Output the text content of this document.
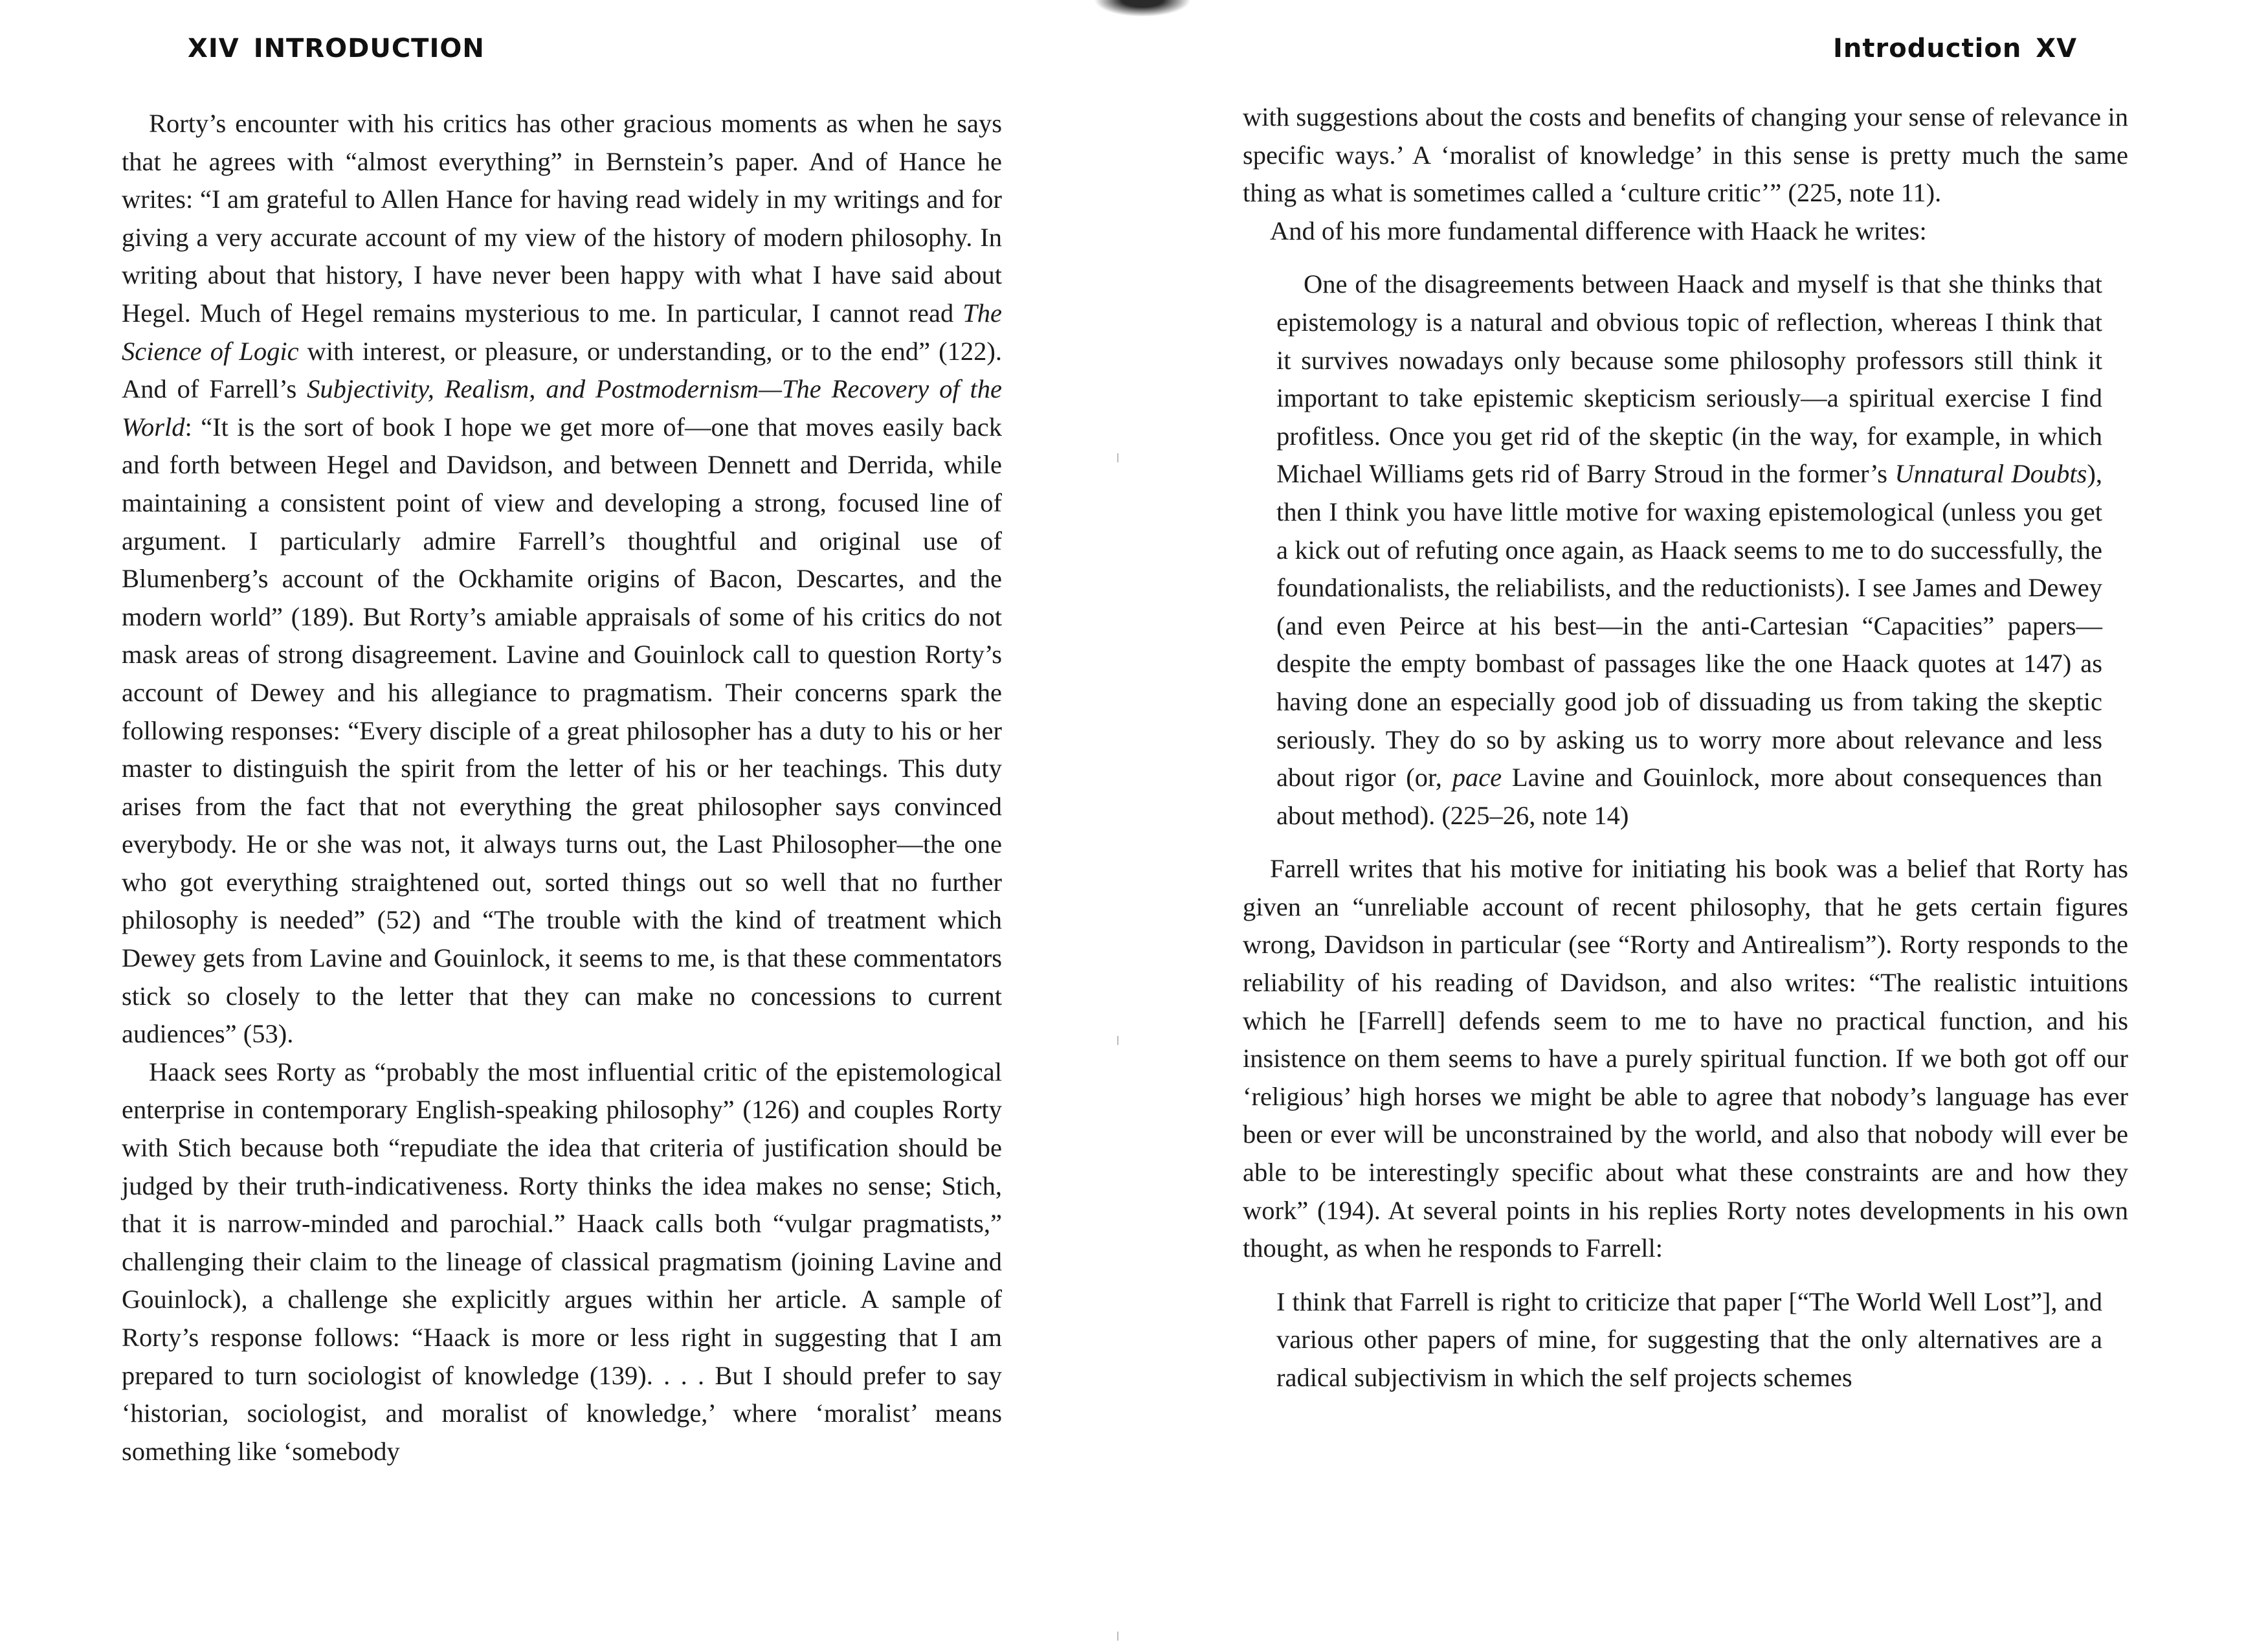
XIV INTRODUCTION

Rorty’s encounter with his critics has other gracious moments as when he says that he agrees with “almost everything” in Bernstein’s paper. And of Hance he writes: “I am grateful to Allen Hance for having read widely in my writings and for giving a very accurate account of my view of the history of modern philosophy. In writing about that history, I have never been happy with what I have said about Hegel. Much of Hegel remains mysterious to me. In particular, I cannot read The Science of Logic with interest, or pleasure, or understanding, or to the end” (122). And of Farrell’s Subjectivity, Realism, and Postmodernism—The Recovery of the World: “It is the sort of book I hope we get more of—one that moves easily back and forth between Hegel and Davidson, and between Dennett and Derrida, while maintaining a consistent point of view and developing a strong, focused line of argument. I particularly admire Farrell’s thoughtful and original use of Blumenberg’s account of the Ockhamite origins of Bacon, Descartes, and the modern world” (189). But Rorty’s amiable appraisals of some of his critics do not mask areas of strong disagreement. Lavine and Gouinlock call to question Rorty’s account of Dewey and his allegiance to pragmatism. Their concerns spark the following responses: “Every disciple of a great philosopher has a duty to his or her master to distinguish the spirit from the letter of his or her teachings. This duty arises from the fact that not everything the great philosopher says convinced everybody. He or she was not, it always turns out, the Last Philosopher—the one who got everything straightened out, sorted things out so well that no further philosophy is needed” (52) and “The trouble with the kind of treatment which Dewey gets from Lavine and Gouinlock, it seems to me, is that these commentators stick so closely to the letter that they can make no concessions to current audiences” (53).

Haack sees Rorty as “probably the most influential critic of the epistemological enterprise in contemporary English-speaking philosophy” (126) and couples Rorty with Stich because both “repudiate the idea that criteria of justification should be judged by their truth-indicativeness. Rorty thinks the idea makes no sense; Stich, that it is narrow-minded and parochial.” Haack calls both “vulgar pragmatists,” challenging their claim to the lineage of classical pragmatism (joining Lavine and Gouinlock), a challenge she explicitly argues within her article. A sample of Rorty’s response follows: “Haack is more or less right in suggesting that I am prepared to turn sociologist of knowledge (139). . . . But I should prefer to say ‘historian, sociologist, and moralist of knowledge,’ where ‘moralist’ means something like ‘somebody

Introduction XV

with suggestions about the costs and benefits of changing your sense of relevance in specific ways.’ A ‘moralist of knowledge’ in this sense is pretty much the same thing as what is sometimes called a ‘culture critic’” (225, note 11).

And of his more fundamental difference with Haack he writes:

One of the disagreements between Haack and myself is that she thinks that epistemology is a natural and obvious topic of reflection, whereas I think that it survives nowadays only because some philosophy professors still think it important to take epistemic skepticism seriously—a spiritual exercise I find profitless. Once you get rid of the skeptic (in the way, for example, in which Michael Williams gets rid of Barry Stroud in the former’s Unnatural Doubts), then I think you have little motive for waxing epistemological (unless you get a kick out of refuting once again, as Haack seems to me to do successfully, the foundationalists, the reliabilists, and the reductionists). I see James and Dewey (and even Peirce at his best—in the anti-Cartesian “Capacities” papers—despite the empty bombast of passages like the one Haack quotes at 147) as having done an especially good job of dissuading us from taking the skeptic seriously. They do so by asking us to worry more about relevance and less about rigor (or, pace Lavine and Gouinlock, more about consequences than about method). (225–26, note 14)

Farrell writes that his motive for initiating his book was a belief that Rorty has given an “unreliable account of recent philosophy, that he gets certain figures wrong, Davidson in particular (see “Rorty and Antirealism”). Rorty responds to the reliability of his reading of Davidson, and also writes: “The realistic intuitions which he [Farrell] defends seem to me to have no practical function, and his insistence on them seems to have a purely spiritual function. If we both got off our ‘religious’ high horses we might be able to agree that nobody’s language has ever been or ever will be unconstrained by the world, and also that nobody will ever be able to be interestingly specific about what these constraints are and how they work” (194). At several points in his replies Rorty notes developments in his own thought, as when he responds to Farrell:

I think that Farrell is right to criticize that paper [“The World Well Lost”], and various other papers of mine, for suggesting that the only alternatives are a radical subjectivism in which the self projects schemes
